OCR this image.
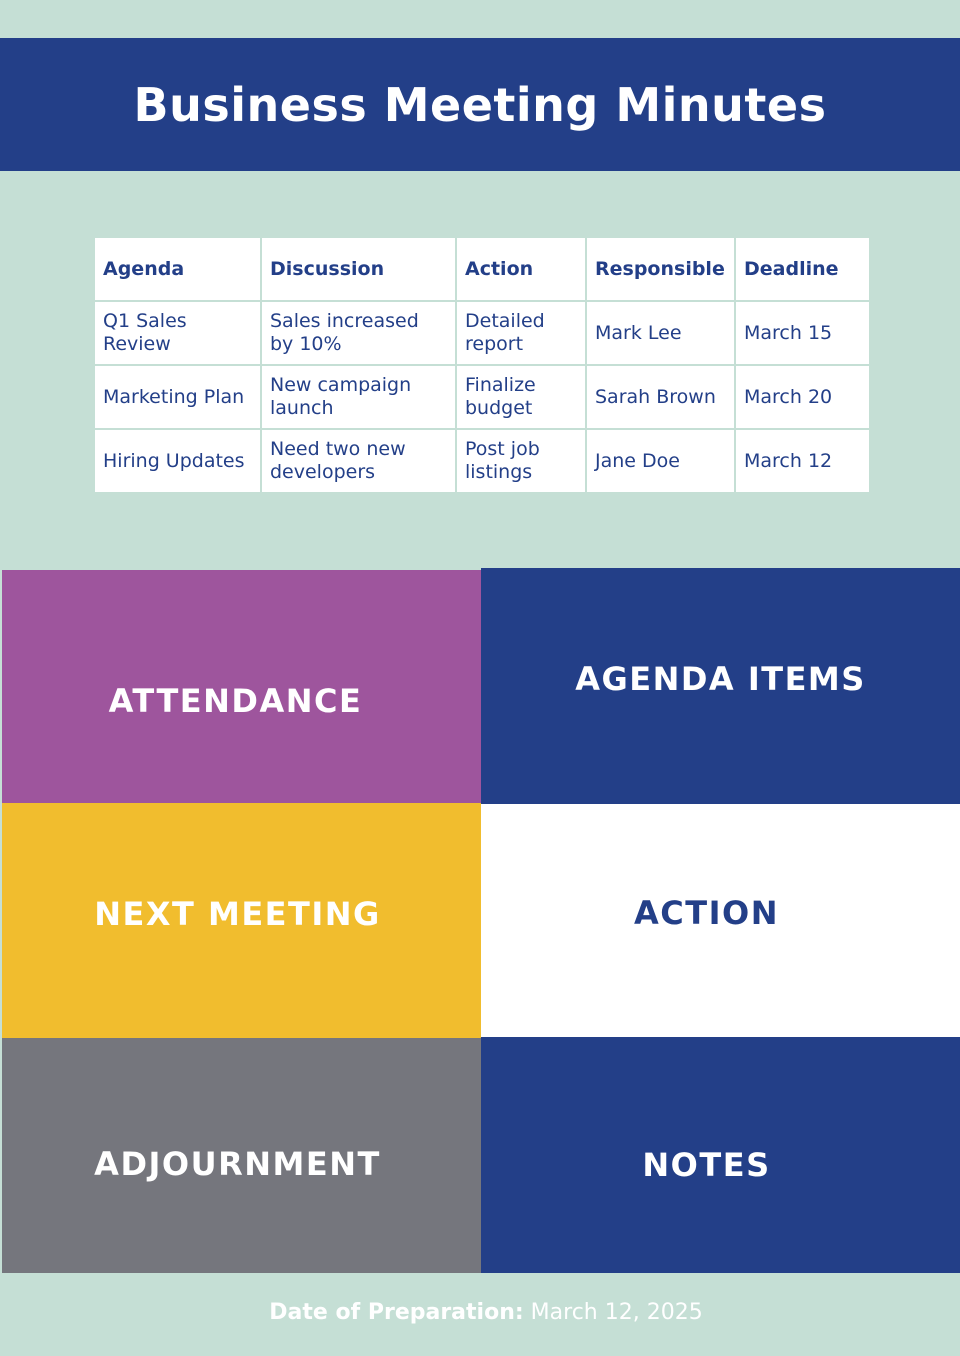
Business Meeting Minutes
Agenda	Discussion	Action	Responsible	Deadline
Q1 Sales Review	Sales increased by 10%	Detailed report	Mark Lee	March 15
Marketing Plan	New campaign launch	Finalize budget	Sarah Brown	March 20
Hiring Updates	Need two new developers	Post job listings	Jane Doe	March 12
ATTENDANCE
AGENDA ITEMS
NEXT MEETING	ACTION
ADJOURNMENT	NOTES
Date of Preparation: March 12, 2025
